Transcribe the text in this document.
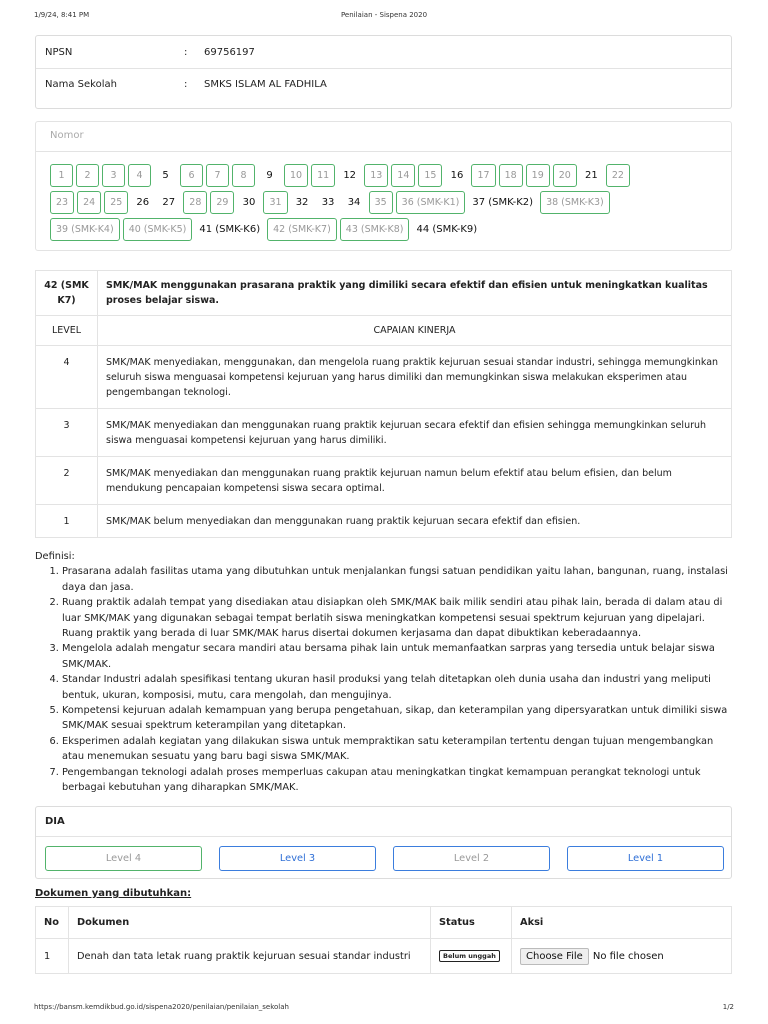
1/9/24, 8:41 PM	Penilaian - Sispena 2020
NPSN	:	69756197
Nama Sekolah	:	SMKS ISLAM AL FADHILA
Nomor
1	2	3	4	5	6	7	8	9	10	11	12	13	14	15	16	17	18	19	20	21	22
23	24	25	26	27	28	29	30	31	32	33	34	35	36 (SMK-K1)	37 (SMK-K2)	38 (SMK-K3)
39 (SMK-K4)	40 (SMK-K5)	41 (SMK-K6)	42 (SMK-K7)	43 (SMK-K8)	44 (SMK-K9)
42 (SMK K7)	SMK/MAK menggunakan prasarana praktik yang dimiliki secara efektif dan efisien untuk meningkatkan kualitas proses belajar siswa.
LEVEL	CAPAIAN KINERJA
4	SMK/MAK menyediakan, menggunakan, dan mengelola ruang praktik kejuruan sesuai standar industri, sehingga memungkinkan seluruh siswa menguasai kompetensi kejuruan yang harus dimiliki dan memungkinkan siswa melakukan eksperimen atau pengembangan teknologi.
3	SMK/MAK menyediakan dan menggunakan ruang praktik kejuruan secara efektif dan efisien sehingga memungkinkan seluruh siswa menguasai kompetensi kejuruan yang harus dimiliki.
2	SMK/MAK menyediakan dan menggunakan ruang praktik kejuruan namun belum efektif atau belum efisien, dan belum mendukung pencapaian kompetensi siswa secara optimal.
1	SMK/MAK belum menyediakan dan menggunakan ruang praktik kejuruan secara efektif dan efisien.
Definisi:
1. Prasarana adalah fasilitas utama yang dibutuhkan untuk menjalankan fungsi satuan pendidikan yaitu lahan, bangunan, ruang, instalasi daya dan jasa.
2. Ruang praktik adalah tempat yang disediakan atau disiapkan oleh SMK/MAK baik milik sendiri atau pihak lain, berada di dalam atau di luar SMK/MAK yang digunakan sebagai tempat berlatih siswa meningkatkan kompetensi sesuai spektrum kejuruan yang dipelajari. Ruang praktik yang berada di luar SMK/MAK harus disertai dokumen kerjasama dan dapat dibuktikan keberadaannya.
3. Mengelola adalah mengatur secara mandiri atau bersama pihak lain untuk memanfaatkan sarpras yang tersedia untuk belajar siswa SMK/MAK.
4. Standar Industri adalah spesifikasi tentang ukuran hasil produksi yang telah ditetapkan oleh dunia usaha dan industri yang meliputi bentuk, ukuran, komposisi, mutu, cara mengolah, dan mengujinya.
5. Kompetensi kejuruan adalah kemampuan yang berupa pengetahuan, sikap, dan keterampilan yang dipersyaratkan untuk dimiliki siswa SMK/MAK sesuai spektrum keterampilan yang ditetapkan.
6. Eksperimen adalah kegiatan yang dilakukan siswa untuk mempraktikan satu keterampilan tertentu dengan tujuan mengembangkan atau menemukan sesuatu yang baru bagi siswa SMK/MAK.
7. Pengembangan teknologi adalah proses memperluas cakupan atau meningkatkan tingkat kemampuan perangkat teknologi untuk berbagai kebutuhan yang diharapkan SMK/MAK.
DIA
Level 4	Level 3	Level 2	Level 1
Dokumen yang dibutuhkan:
No	Dokumen	Status	Aksi
1	Denah dan tata letak ruang praktik kejuruan sesuai standar industri	Belum unggah	Choose File No file chosen
https://bansm.kemdikbud.go.id/sispena2020/penilaian/penilaian_sekolah	1/2
